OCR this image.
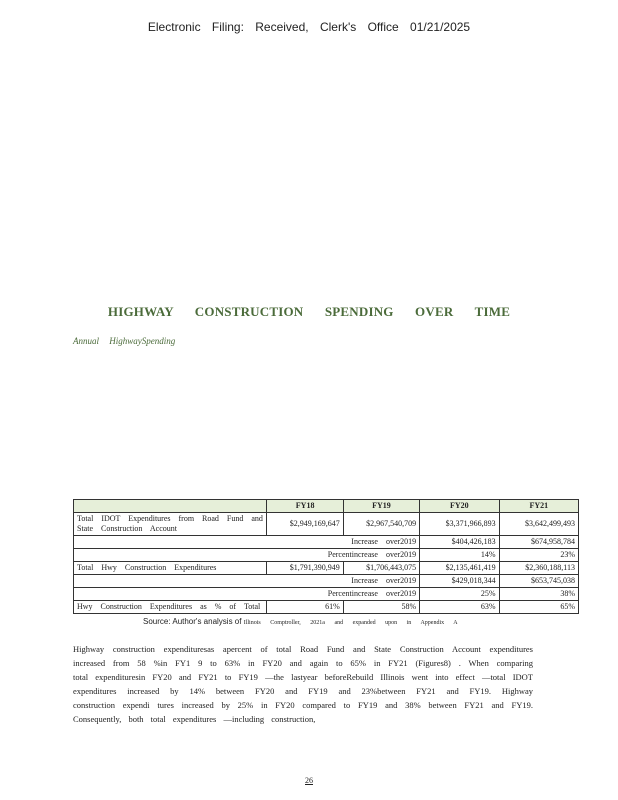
Electronic Filing: Received, Clerk's Office 01/21/2025
HIGHWAY CONSTRUCTION SPENDING OVER TIME
Annual HighwaySpending
	FY18	FY19	FY20	FY21
Total IDOT Expenditures from Road Fund and State Construction Account	$2,949,169,647	$2,967,540,709	$3,371,966,893	$3,642,499,493
Increase over2019			$404,426,183	$674,958,784
Percentincrease over2019			14%	23%
Total Hwy Construction Expenditures	$1,791,390,949	$1,706,443,075	$2,135,461,419	$2,360,188,113
Increase over2019			$429,018,344	$653,745,038
Percentincrease over2019			25%	38%
Hwy Construction Expenditures as % of Total	61%	58%	63%	65%
Source: Author's analysis of Illinois Comptroller, 2021a and expanded upon in Appendix A
Highway construction expendituresas apercent of total Road Fund and State Construction Account expenditures increased from 58 %in FY1 9 to 63% in FY20 and again to 65% in FY21 (Figures8) . When comparing total expendituresin FY20 and FY21 to FY19 —the lastyear beforeRebuild Illinois went into effect —total IDOT expenditures increased by 14% between FY20 and FY19 and 23%between FY21 and FY19. Highway construction expendi tures increased by 25% in FY20 compared to FY19 and 38% between FY21 and FY19. Consequently, both total expenditures —including construction,
26
